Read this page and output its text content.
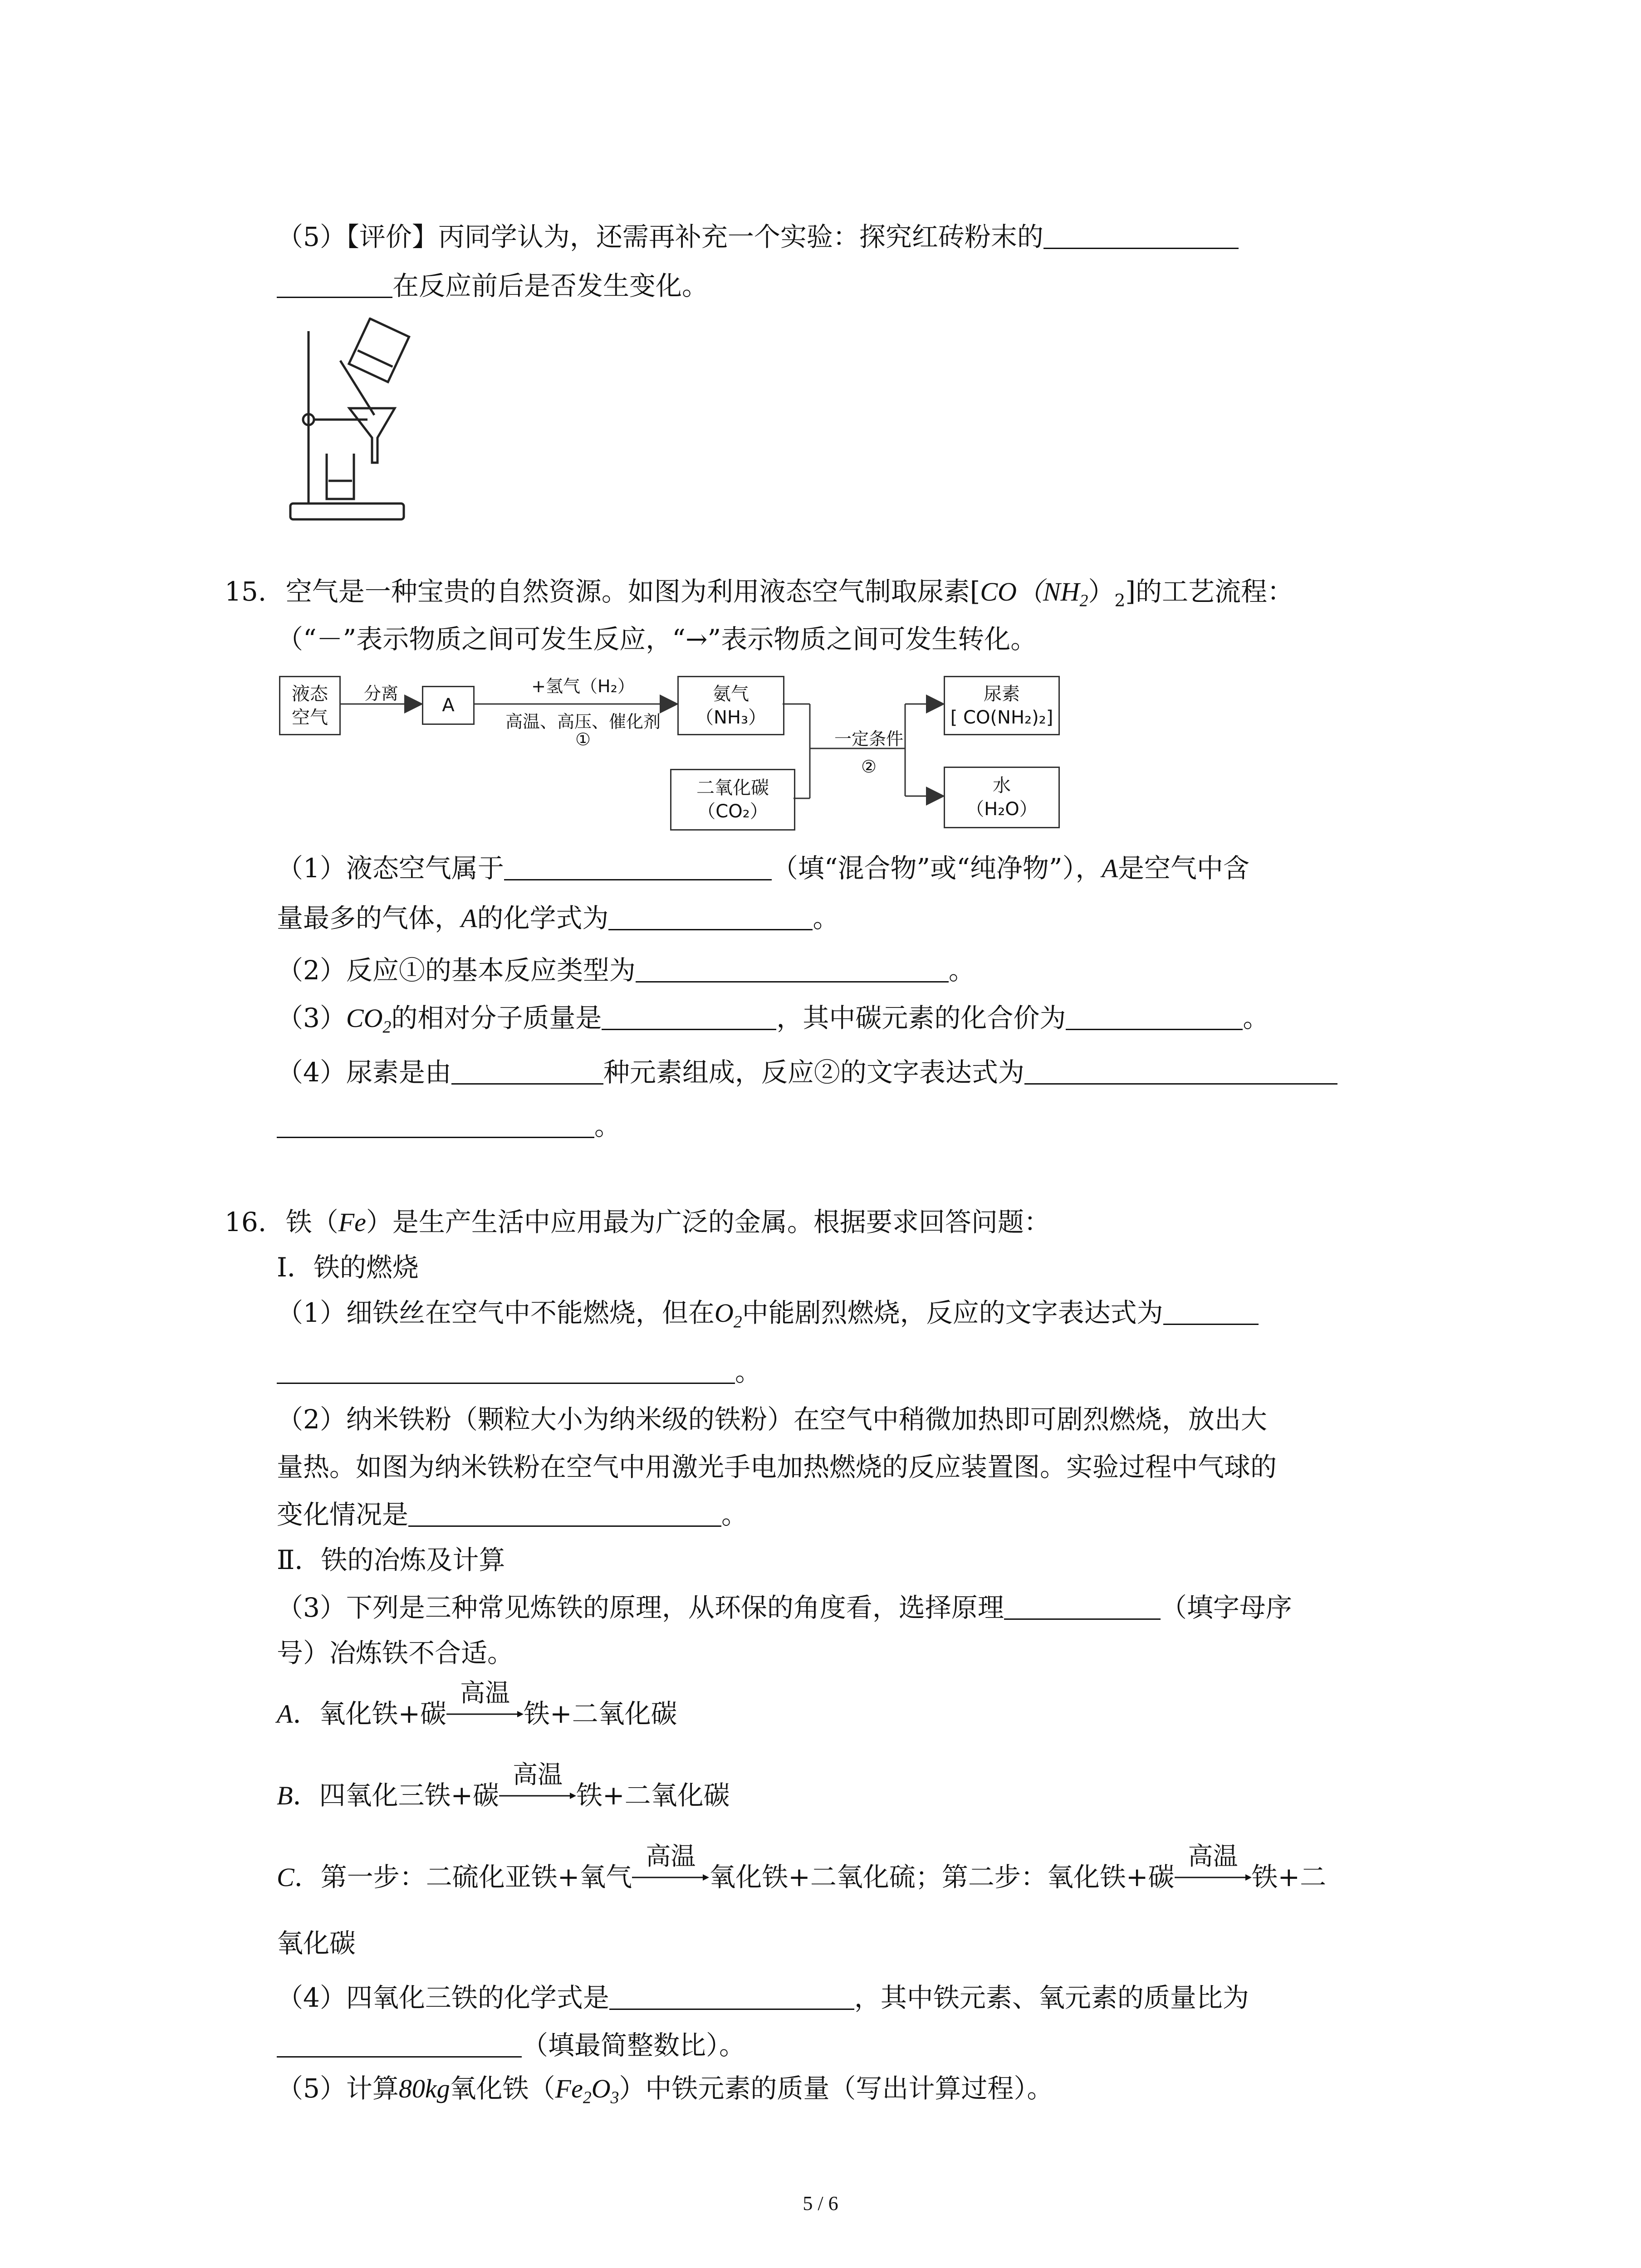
（5）【评价】丙同学认为，还需再补充一个实验：探究红砖粉末的
在反应前后是否发生变化。
15. 空气是一种宝贵的自然资源。如图为利用液态空气制取尿素$[CO(NH_2)_2]$的工艺流程：
（“－”表示物质之间可发生反应，“→”表示物质之间可发生转化。
液态
空气
分离
A
+氢气（H₂）
高温、高压、催化剂
①
氨气
（NH₃）
二氧化碳
（CO₂）
一定条件
②
尿素
[ CO(NH₂)₂]
水
（H₂O）
（1）液态空气属于	（填“混合物”或“纯净物”），A是空气中含
量最多的气体，A的化学式为	。
（2）反应①的基本反应类型为	。
$(3)CO_2$的相对分子质量是	，其中碳元素的化合价为	。
（4）尿素是由	种元素组成，反应②的文字表达式为
。
16. 铁（Fe）是生产生活中应用最为广泛的金属。根据要求回答问题：
Ⅰ．铁的燃烧
（1）细铁丝在空气中不能燃烧，但在$O_2$中能剧烈燃烧，反应的文字表达式为
。
（2）纳米铁粉（颗粒大小为纳米级的铁粉）在空气中稍微加热即可剧烈燃烧，放出大
量热。如图为纳米铁粉在空气中用激光手电加热燃烧的反应装置图。实验过程中气球的
变化情况是	。
Ⅱ．铁的冶炼及计算
（3）下列是三种常见炼铁的原理，从环保的角度看，选择原理	（填字母序
号）冶炼铁不合适。
A．氧化铁+碳
高温
铁+二氧化碳
B．四氧化三铁+碳
高温
铁+二氧化碳
C．第一步：二硫化亚铁+氧气
高温
氧化铁+二氧化硫；第二步：氧化铁+碳
高温
铁+二
氧化碳
（4）四氧化三铁的化学式是	，其中铁元素、氧元素的质量比为
（填最简整数比）。
（5）计算80kg氧化铁$(Fe_2O_3)$中铁元素的质量（写出计算过程）。
5 / 6
